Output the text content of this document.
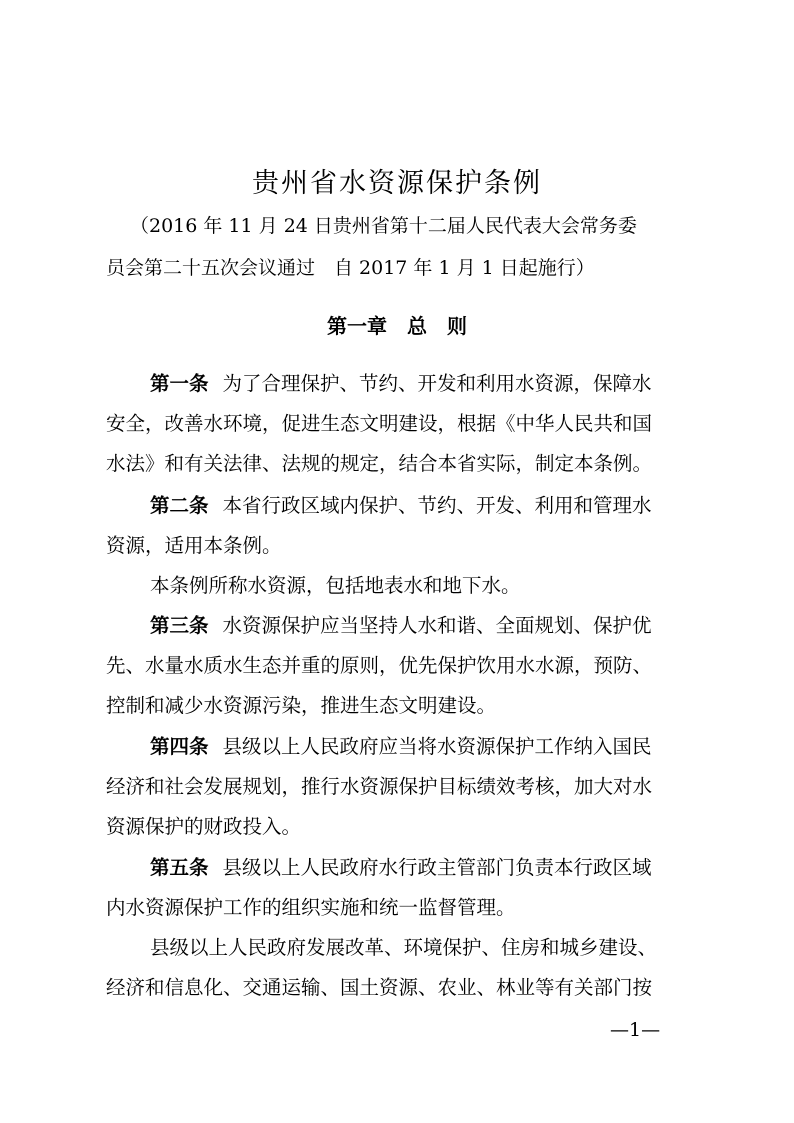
贵州省水资源保护条例
（2016 年 11 月 24 日贵州省第十二届人民代表大会常务委
员会第二十五次会议通过　自 2017 年 1 月 1 日起施行）
第一章　总　则
第一条 为了合理保护、节约、开发和利用水资源，保障水
安全，改善水环境，促进生态文明建设，根据《中华人民共和国
水法》和有关法律、法规的规定，结合本省实际，制定本条例。
第二条 本省行政区域内保护、节约、开发、利用和管理水
资源，适用本条例。
本条例所称水资源，包括地表水和地下水。
第三条 水资源保护应当坚持人水和谐、全面规划、保护优
先、水量水质水生态并重的原则，优先保护饮用水水源，预防、
控制和减少水资源污染，推进生态文明建设。
第四条 县级以上人民政府应当将水资源保护工作纳入国民
经济和社会发展规划，推行水资源保护目标绩效考核，加大对水
资源保护的财政投入。
第五条 县级以上人民政府水行政主管部门负责本行政区域
内水资源保护工作的组织实施和统一监督管理。
县级以上人民政府发展改革、环境保护、住房和城乡建设、
经济和信息化、交通运输、国土资源、农业、林业等有关部门按
—1—
